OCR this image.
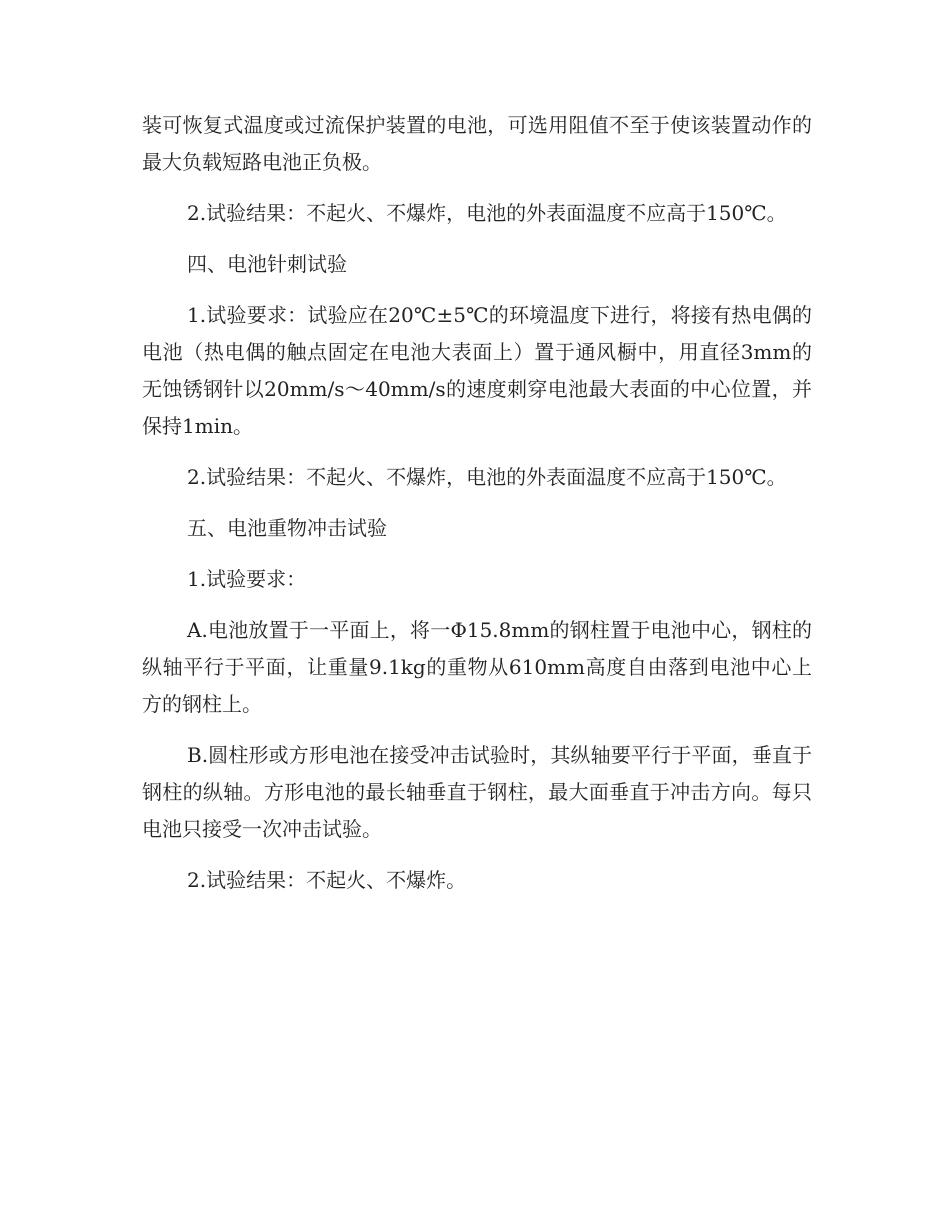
装可恢复式温度或过流保护装置的电池，可选用阻值不至于使该装置动作的最大负载短路电池正负极。

2.试验结果：不起火、不爆炸，电池的外表面温度不应高于150℃。

四、电池针刺试验

1.试验要求：试验应在20℃±5℃的环境温度下进行，将接有热电偶的电池（热电偶的触点固定在电池大表面上）置于通风橱中，用直径3mm的无蚀锈钢针以20mm/s～40mm/s的速度刺穿电池最大表面的中心位置，并保持1min。

2.试验结果：不起火、不爆炸，电池的外表面温度不应高于150℃。

五、电池重物冲击试验

1.试验要求：

A.电池放置于一平面上，将一Φ15.8mm的钢柱置于电池中心，钢柱的纵轴平行于平面，让重量9.1kg的重物从610mm高度自由落到电池中心上方的钢柱上。

B.圆柱形或方形电池在接受冲击试验时，其纵轴要平行于平面，垂直于钢柱的纵轴。方形电池的最长轴垂直于钢柱，最大面垂直于冲击方向。每只电池只接受一次冲击试验。

2.试验结果：不起火、不爆炸。
